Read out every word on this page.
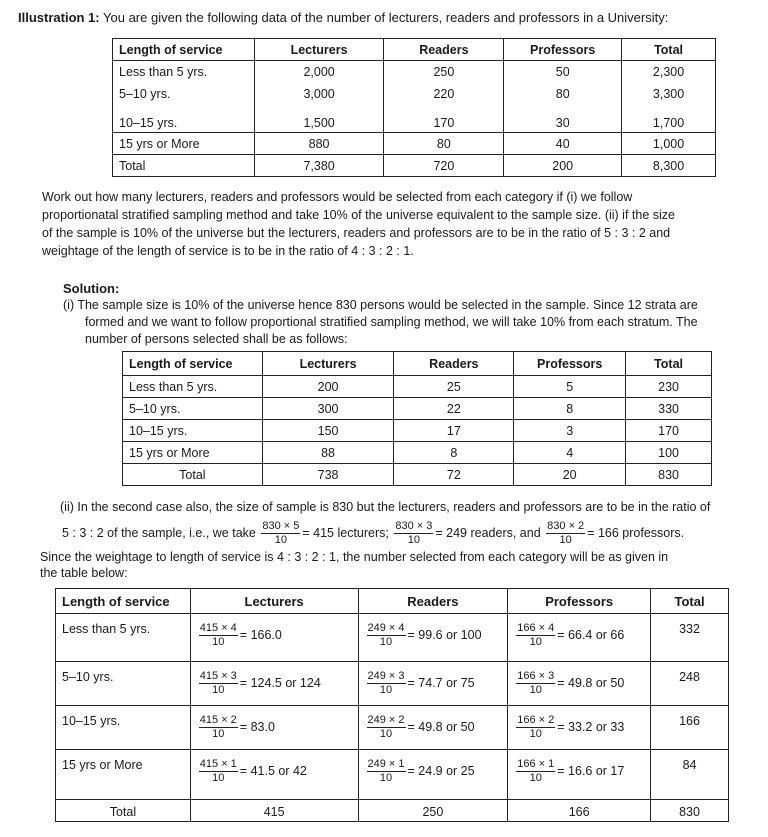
Illustration 1: You are given the following data of the number of lecturers, readers and professors in a University:
Length of service	Lecturers	Readers	Professors	Total
Less than 5 yrs.	2,000	250	50	2,300
5–10 yrs.	3,000	220	80	3,300
10–15 yrs.	1,500	170	30	1,700
15 yrs or More	880	80	40	1,000
Total	7,380	720	200	8,300

Work out how many lecturers, readers and professors would be selected from each category if (i) we follow

proportionatal stratified sampling method and take 10% of the universe equivalent to the sample size. (ii) if the size

of the sample is 10% of the universe but the lecturers, readers and professors are to be in the ratio of 5 : 3 : 2 and

weightage of the length of service is to be in the ratio of 4 : 3 : 2 : 1.

Solution:

(i) The sample size is 10% of the universe hence 830 persons would be selected in the sample. Since 12 strata are

formed and we want to follow proportional stratified sampling method, we will take 10% from each stratum. The

number of persons selected shall be as follows:

Length of service	Lecturers	Readers	Professors	Total
Less than 5 yrs.	200	25	5	230
5–10 yrs.	300	22	8	330
10–15 yrs.	150	17	3	170
15 yrs or More	88	8	4	100
Total	738	72	20	830

(ii) In the second case also, the size of sample is 830 but the lecturers, readers and professors are to be in the ratio of

5 : 3 : 2 of the sample, i.e., we take $\frac{830 \times 5}{10} = 415$ lecturers; $\frac{830 \times 3}{10} = 249$ readers, and $\frac{830 \times 2}{10} = 166$ professors.

Since the weightage to length of service is 4 : 3 : 2 : 1, the number selected from each category will be as given in

the table below:

Length of service	Lecturers	Readers	Professors	Total
Less than 5 yrs.	$\frac{415 \times 4}{10} = 166.0$	$\frac{249 \times 4}{10} = 99.6$ or 100	$\frac{166 \times 4}{10} = 66.4$ or 66	332
5–10 yrs.	$\frac{415 \times 3}{10} = 124.5$ or 124	$\frac{249 \times 3}{10} = 74.7$ or 75	$\frac{166 \times 3}{10} = 49.8$ or 50	248
10–15 yrs.	$\frac{415 \times 2}{10} = 83.0$	$\frac{249 \times 2}{10} = 49.8$ or 50	$\frac{166 \times 2}{10} = 33.2$ or 33	166
15 yrs or More	$\frac{415 \times 1}{10} = 41.5$ or 42	$\frac{249 \times 1}{10} = 24.9$ or 25	$\frac{166 \times 1}{10} = 16.6$ or 17	84
Total	415	250	166	830
